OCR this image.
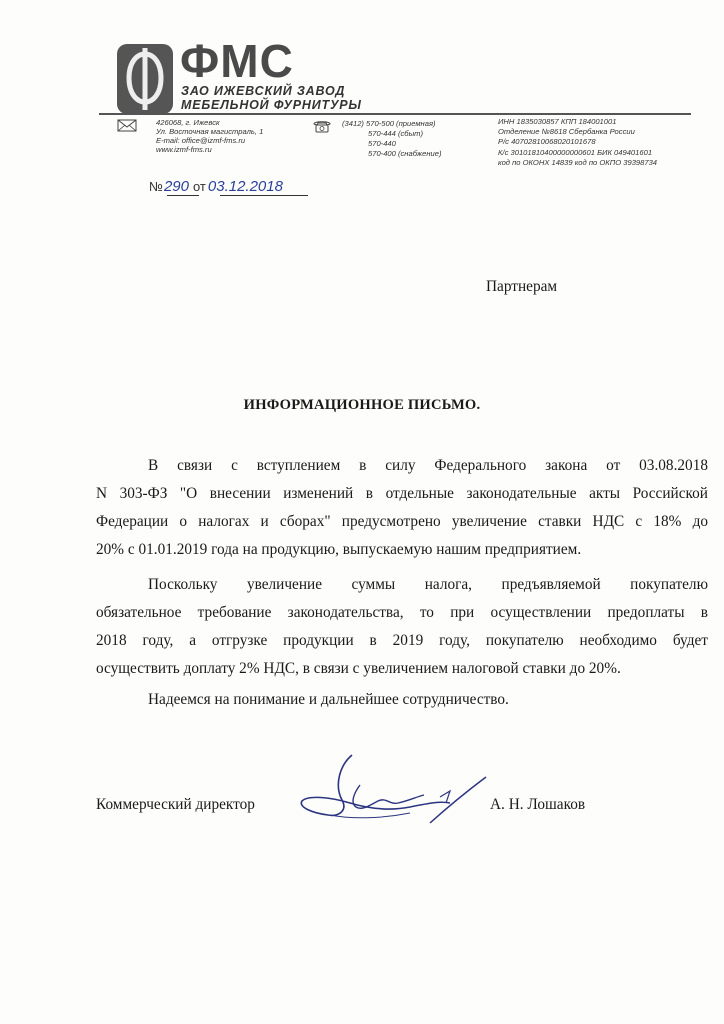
ФМС
ЗАО ИЖЕВСКИЙ ЗАВОД
МЕБЕЛЬНОЙ ФУРНИТУРЫ
426068, г. Ижевск
Ул. Восточная магистраль, 1
E-mail: office@izmf-fms.ru
www.izmf-fms.ru
(3412) 570-500 (приемная)
570-444 (сбыт)
570-440
570-400 (снабжение)
ИНН 1835030857 КПП 184001001
Отделение №8618 Сбербанка России
Р/с 40702810068020101678
К/с 30101810400000000601 БИК 049401601
код по ОКОНХ 14839 код по ОКПО 39398734
№290 от 03.12.2018
Партнерам
ИНФОРМАЦИОННОЕ ПИСЬМО.
В связи с вступлением в силу Федерального закона от 03.08.2018
N 303-ФЗ "О внесении изменений в отдельные законодательные акты Российской
Федерации о налогах и сборах" предусмотрено увеличение ставки НДС с 18% до
20% с 01.01.2019 года на продукцию, выпускаемую нашим предприятием.
Поскольку увеличение суммы налога, предъявляемой покупателю
обязательное требование законодательства, то при осуществлении предоплаты в
2018 году, а отгрузке продукции в 2019 году, покупателю необходимо будет
осуществить доплату 2% НДС, в связи с увеличением налоговой ставки до 20%.
Надеемся на понимание и дальнейшее сотрудничество.
Коммерческий директор	А. Н. Лошаков
